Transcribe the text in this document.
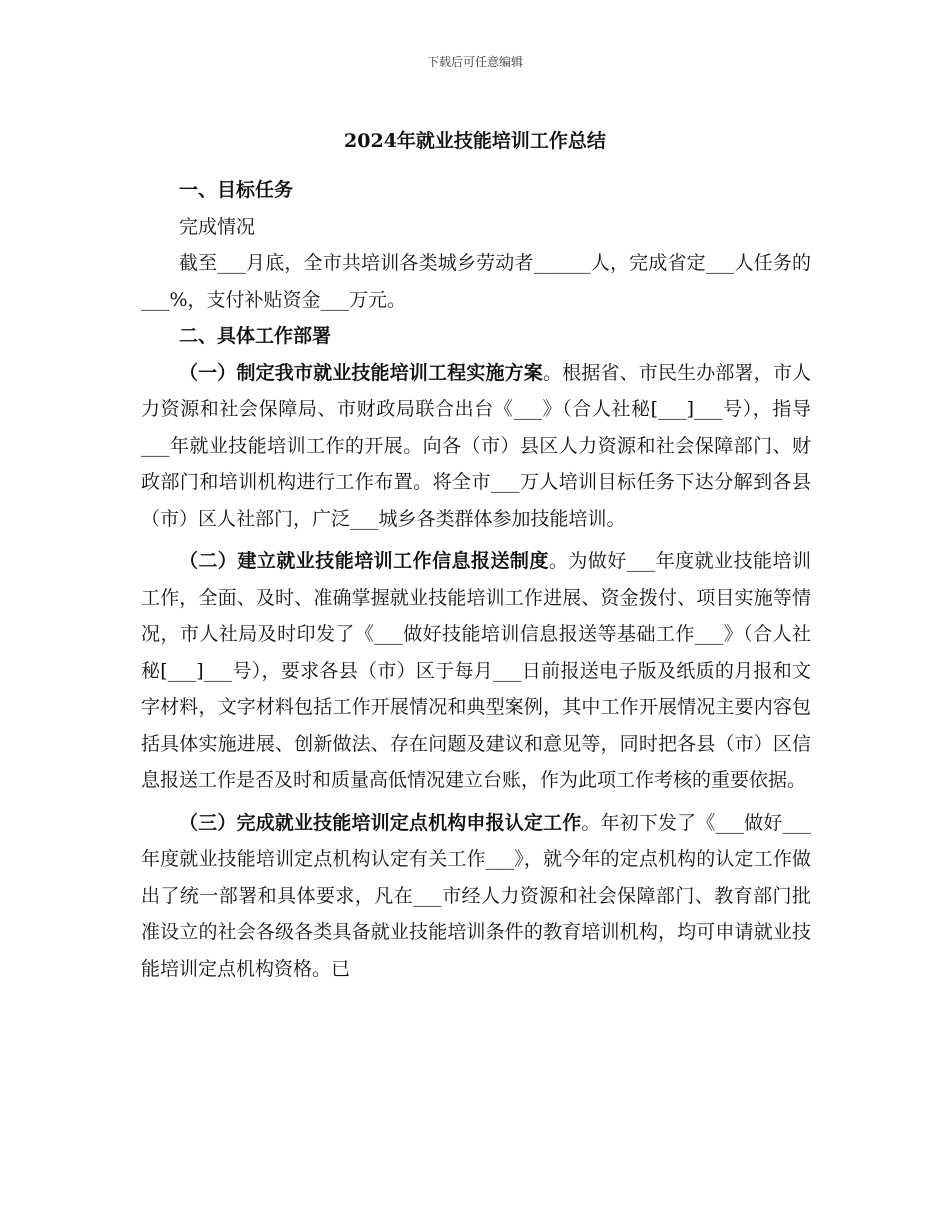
下载后可任意编辑
2024年就业技能培训工作总结

一、目标任务

完成情况

截至___月底，全市共培训各类城乡劳动者______人，完成省定___人任务的___%，支付补贴资金___万元。

二、具体工作部署

（一）制定我市就业技能培训工程实施方案。根据省、市民生办部署，市人力资源和社会保障局、市财政局联合出台《___》（合人社秘[___]___号），指导___年就业技能培训工作的开展。向各（市）县区人力资源和社会保障部门、财政部门和培训机构进行工作布置。将全市___万人培训目标任务下达分解到各县（市）区人社部门，广泛___城乡各类群体参加技能培训。

（二）建立就业技能培训工作信息报送制度。为做好___年度就业技能培训工作，全面、及时、准确掌握就业技能培训工作进展、资金拨付、项目实施等情况，市人社局及时印发了《___做好技能培训信息报送等基础工作___》（合人社秘[___]___号），要求各县（市）区于每月___日前报送电子版及纸质的月报和文字材料，文字材料包括工作开展情况和典型案例，其中工作开展情况主要内容包括具体实施进展、创新做法、存在问题及建议和意见等，同时把各县（市）区信息报送工作是否及时和质量高低情况建立台账，作为此项工作考核的重要依据。

（三）完成就业技能培训定点机构申报认定工作。年初下发了《___做好___年度就业技能培训定点机构认定有关工作___》，就今年的定点机构的认定工作做出了统一部署和具体要求，凡在___市经人力资源和社会保障部门、教育部门批准设立的社会各级各类具备就业技能培训条件的教育培训机构，均可申请就业技能培训定点机构资格。已
